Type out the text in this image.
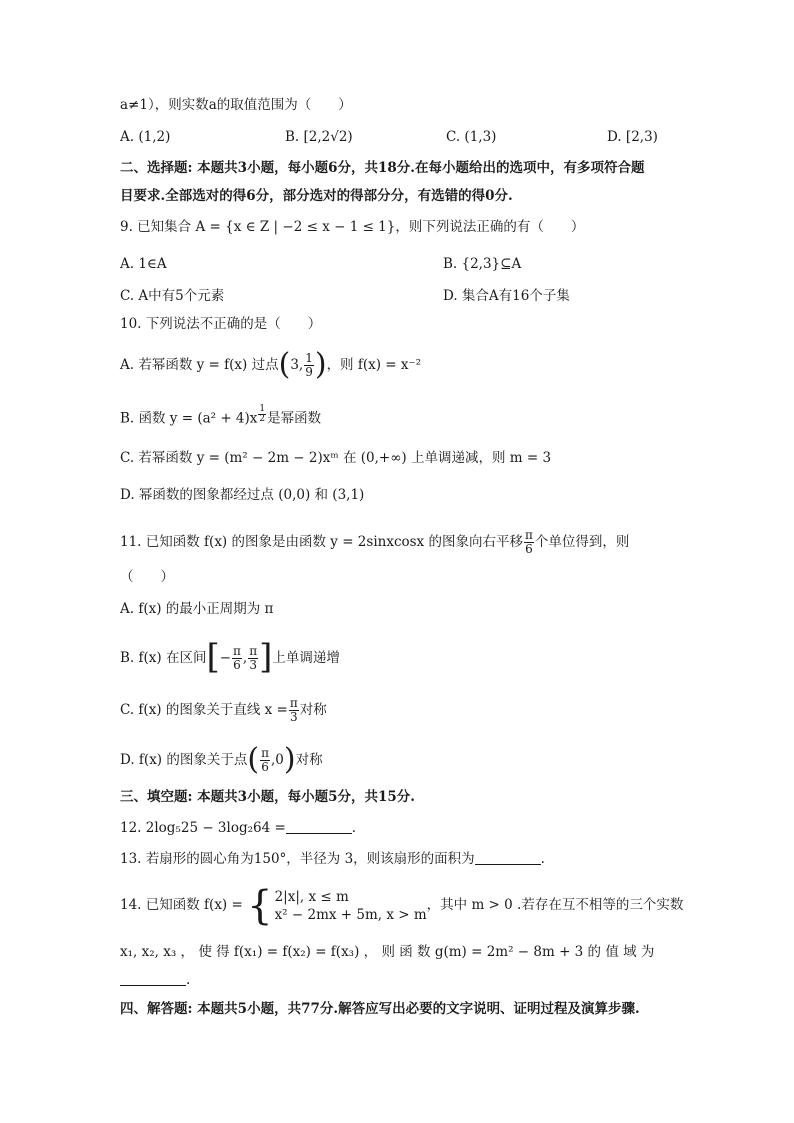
a≠1），则实数a的取值范围为（　　）
A. (1,2)	B. [2,2√2)	C. (1,3)	D. [2,3)
二、选择题: 本题共3小题，每小题6分，共18分.在每小题给出的选项中，有多项符合题
目要求.全部选对的得6分，部分选对的得部分分，有选错的得0分.
9. 已知集合 A = {x ∈ Z | −2 ≤ x − 1 ≤ 1}，则下列说法正确的有（　　）
A. 1∈A	B. {2,3}⊆A
C. A中有5个元素	D. 集合A有16个子集
10. 下列说法不正确的是（　　）
A. 若幂函数 y = f(x) 过点(3, $\frac{1}{9}$ )，则 f(x) = x⁻²
B. 函数 y = (a² + 4)x $^{\frac{1}{2}}$ 是幂函数
C. 若幂函数 y = (m² − 2m − 2)xᵐ 在 (0,+∞) 上单调递减，则 m = 3
D. 幂函数的图象都经过点 (0,0) 和 (3,1)
11. 已知函数 f(x) 的图象是由函数 y = 2sinxcosx 的图象向右平移 $\frac{\pi}{6}$ 个单位得到，则
（　　）
A. f(x) 的最小正周期为 π
B. f(x) 在区间[− $\frac{\pi}{6}$ , $\frac{\pi}{3}$ ]上单调递增
C. f(x) 的图象关于直线 $x = \frac{\pi}{3}$ 对称
D. f(x) 的图象关于点( $\frac{\pi}{6} ,0$)对称
三、填空题: 本题共3小题，每小题5分，共15分.
12. 2log₅25 − 3log₂64 =	.
13. 若扇形的圆心角为150°，半径为 3，则该扇形的面积为	.
14. 已知函数 f(x) = { 2|x|, x ≤ m
x² − 2mx + 5m, x > m
，其中 m > 0 .若存在互不相等的三个实数
x₁, x₂, x₃ ， 使 得 f(x₁) = f(x₂) = f(x₃) ， 则 函 数 g(m) = 2m² − 8m + 3 的 值 域 为
.
四、解答题: 本题共5小题，共77分.解答应写出必要的文字说明、证明过程及演算步骤.
